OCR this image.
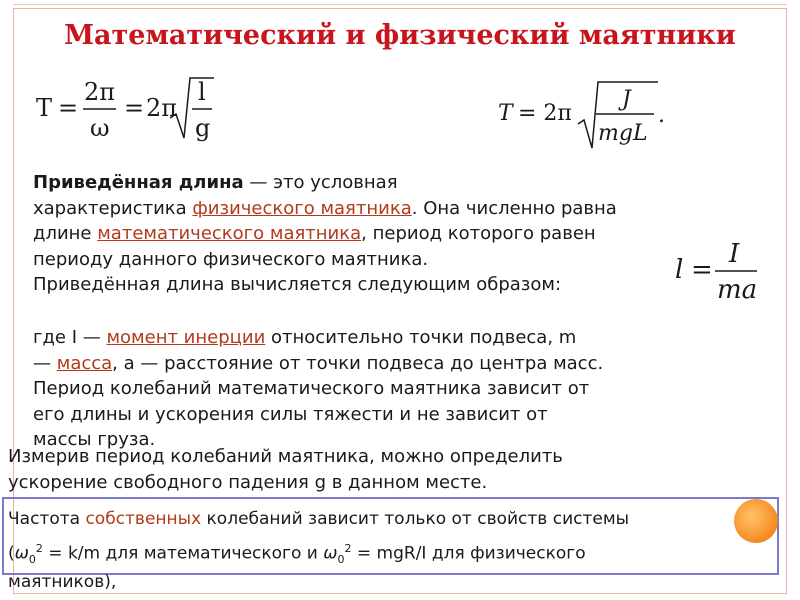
Математический и физический маятники
T =
2π
ω
= 2π
l
g
T = 2π
J
mgL
.
Приведённая длина — это условная
характеристика физического маятника. Она численно равна
длине математического маятника, период которого равен
периоду данного физического маятника.
Приведённая длина вычисляется следующим образом:	l
I
ma
=
где I — момент инерции относительно точки подвеса, m
— масса, a — расстояние от точки подвеса до центра масс.
Период колебаний математического маятника зависит от
его длины и ускорения силы тяжести и не зависит от
массы груза.
Измерив период колебаний маятника, можно определить
ускорение свободного падения g в данном месте.
Частота собственных колебаний зависит только от свойств системы
($\omega_0^2 = k/m$ для математического и $\omega_0^2 = mgR/I$ для физического
маятников),
